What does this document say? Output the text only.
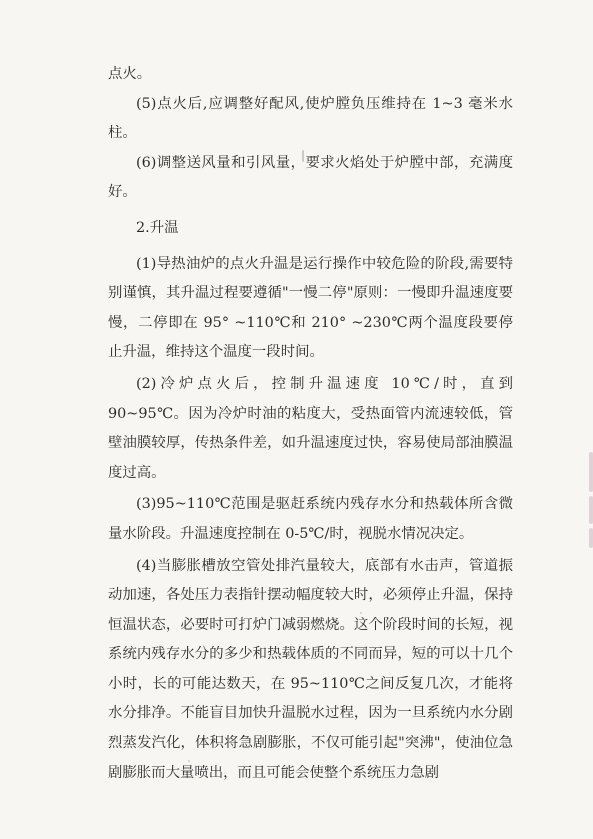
点火。

(5)点火后,应调整好配风,使炉膛负压维持在 1~3 毫米水柱。

(6)调整送风量和引风量，要求火焰处于炉膛中部，充满度好。

2.升温

(1)导热油炉的点火升温是运行操作中较危险的阶段,需要特别谨慎，其升温过程要遵循"一慢二停"原则：一慢即升温速度要慢，二停即在 95° ~110℃和 210° ~230℃两个温度段要停止升温，维持这个温度一段时间。

(2)冷炉点火后，控制升温速度 10℃/时，直到 90~95℃。因为冷炉时油的粘度大，受热面管内流速较低，管壁油膜较厚，传热条件差，如升温速度过快，容易使局部油膜温度过高。

(3)95~110℃范围是驱赶系统内残存水分和热载体所含微量水阶段。升温速度控制在 0-5℃/时，视脱水情况决定。

(4)当膨胀槽放空管处排汽量较大，底部有水击声，管道振动加速，各处压力表指针摆动幅度较大时，必须停止升温，保持恒温状态，必要时可打炉门减弱燃烧。这个阶段时间的长短，视系统内残存水分的多少和热载体质的不同而异，短的可以十几个小时，长的可能达数天，在 95~110℃之间反复几次，才能将水分排净。不能盲目加快升温脱水过程，因为一旦系统内水分剧烈蒸发汽化，体积将急剧膨胀，不仅可能引起"突沸"，使油位急剧膨胀而大量喷出，而且可能会使整个系统压力急剧
